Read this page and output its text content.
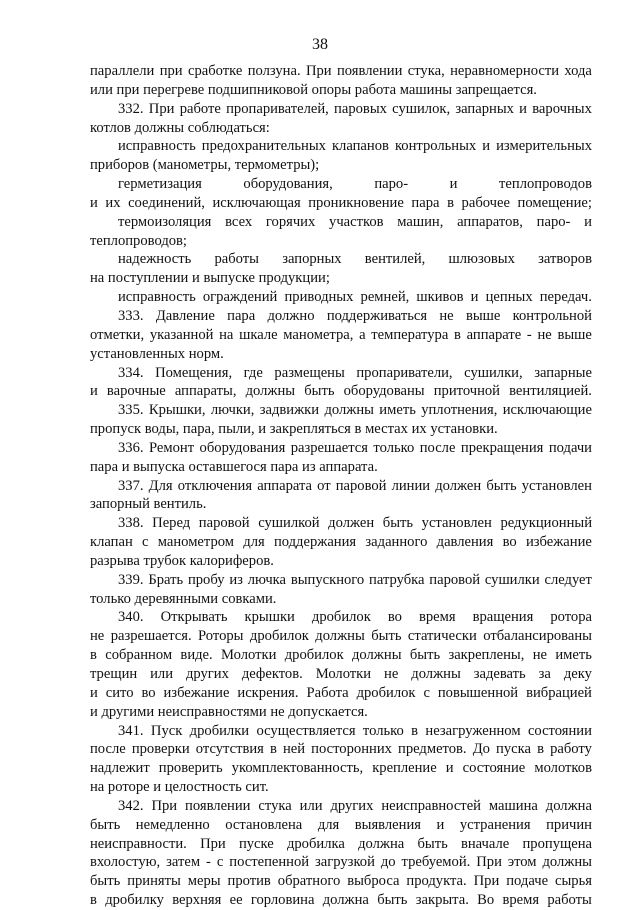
38
параллели при сработке ползуна. При появлении стука, неравномерности хода
или при перегреве подшипниковой опоры работа машины запрещается.
332. При работе пропаривателей, паровых сушилок, запарных и варочных
котлов должны соблюдаться:
исправность предохранительных клапанов контрольных и измерительных
приборов (манометры, термометры);
герметизация	оборудования,	паро-	и	теплопроводов
и их соединений, исключающая проникновение пара в рабочее помещение;
термоизоляция всех горячих участков машин, аппаратов, паро- и
теплопроводов;
надежность работы запорных вентилей, шлюзовых затворов
на поступлении и выпуске продукции;
исправность ограждений приводных ремней, шкивов и цепных передач.
333. Давление пара должно поддерживаться не выше контрольной
отметки, указанной на шкале манометра, а температура в аппарате - не выше
установленных норм.
334. Помещения, где размещены пропариватели, сушилки, запарные
и варочные аппараты, должны быть оборудованы приточной вентиляцией.
335. Крышки, лючки, задвижки должны иметь уплотнения, исключающие
пропуск воды, пара, пыли, и закрепляться в местах их установки.
336. Ремонт оборудования разрешается только после прекращения подачи
пара и выпуска оставшегося пара из аппарата.
337. Для отключения аппарата от паровой линии должен быть установлен
запорный вентиль.
338. Перед паровой сушилкой должен быть установлен редукционный
клапан с манометром для поддержания заданного давления во избежание
разрыва трубок калориферов.
339. Брать пробу из лючка выпускного патрубка паровой сушилки следует
только деревянными совками.
340. Открывать крышки дробилок во время вращения ротора
не разрешается. Роторы дробилок должны быть статически отбалансированы
в собранном виде. Молотки дробилок должны быть закреплены, не иметь
трещин или других дефектов. Молотки не должны задевать за деку
и сито во избежание искрения. Работа дробилок с повышенной вибрацией
и другими неисправностями не допускается.
341. Пуск дробилки осуществляется только в незагруженном состоянии
после проверки отсутствия в ней посторонних предметов. До пуска в работу
надлежит проверить укомплектованность, крепление и состояние молотков
на роторе и целостность сит.
342. При появлении стука или других неисправностей машина должна
быть немедленно остановлена для выявления и устранения причин
неисправности. При пуске дробилка должна быть вначале пропущена
вхолостую, затем - с постепенной загрузкой до требуемой. При этом должны
быть приняты меры против обратного выброса продукта. При подаче сырья
в дробилку верхняя ее горловина должна быть закрыта. Во время работы
